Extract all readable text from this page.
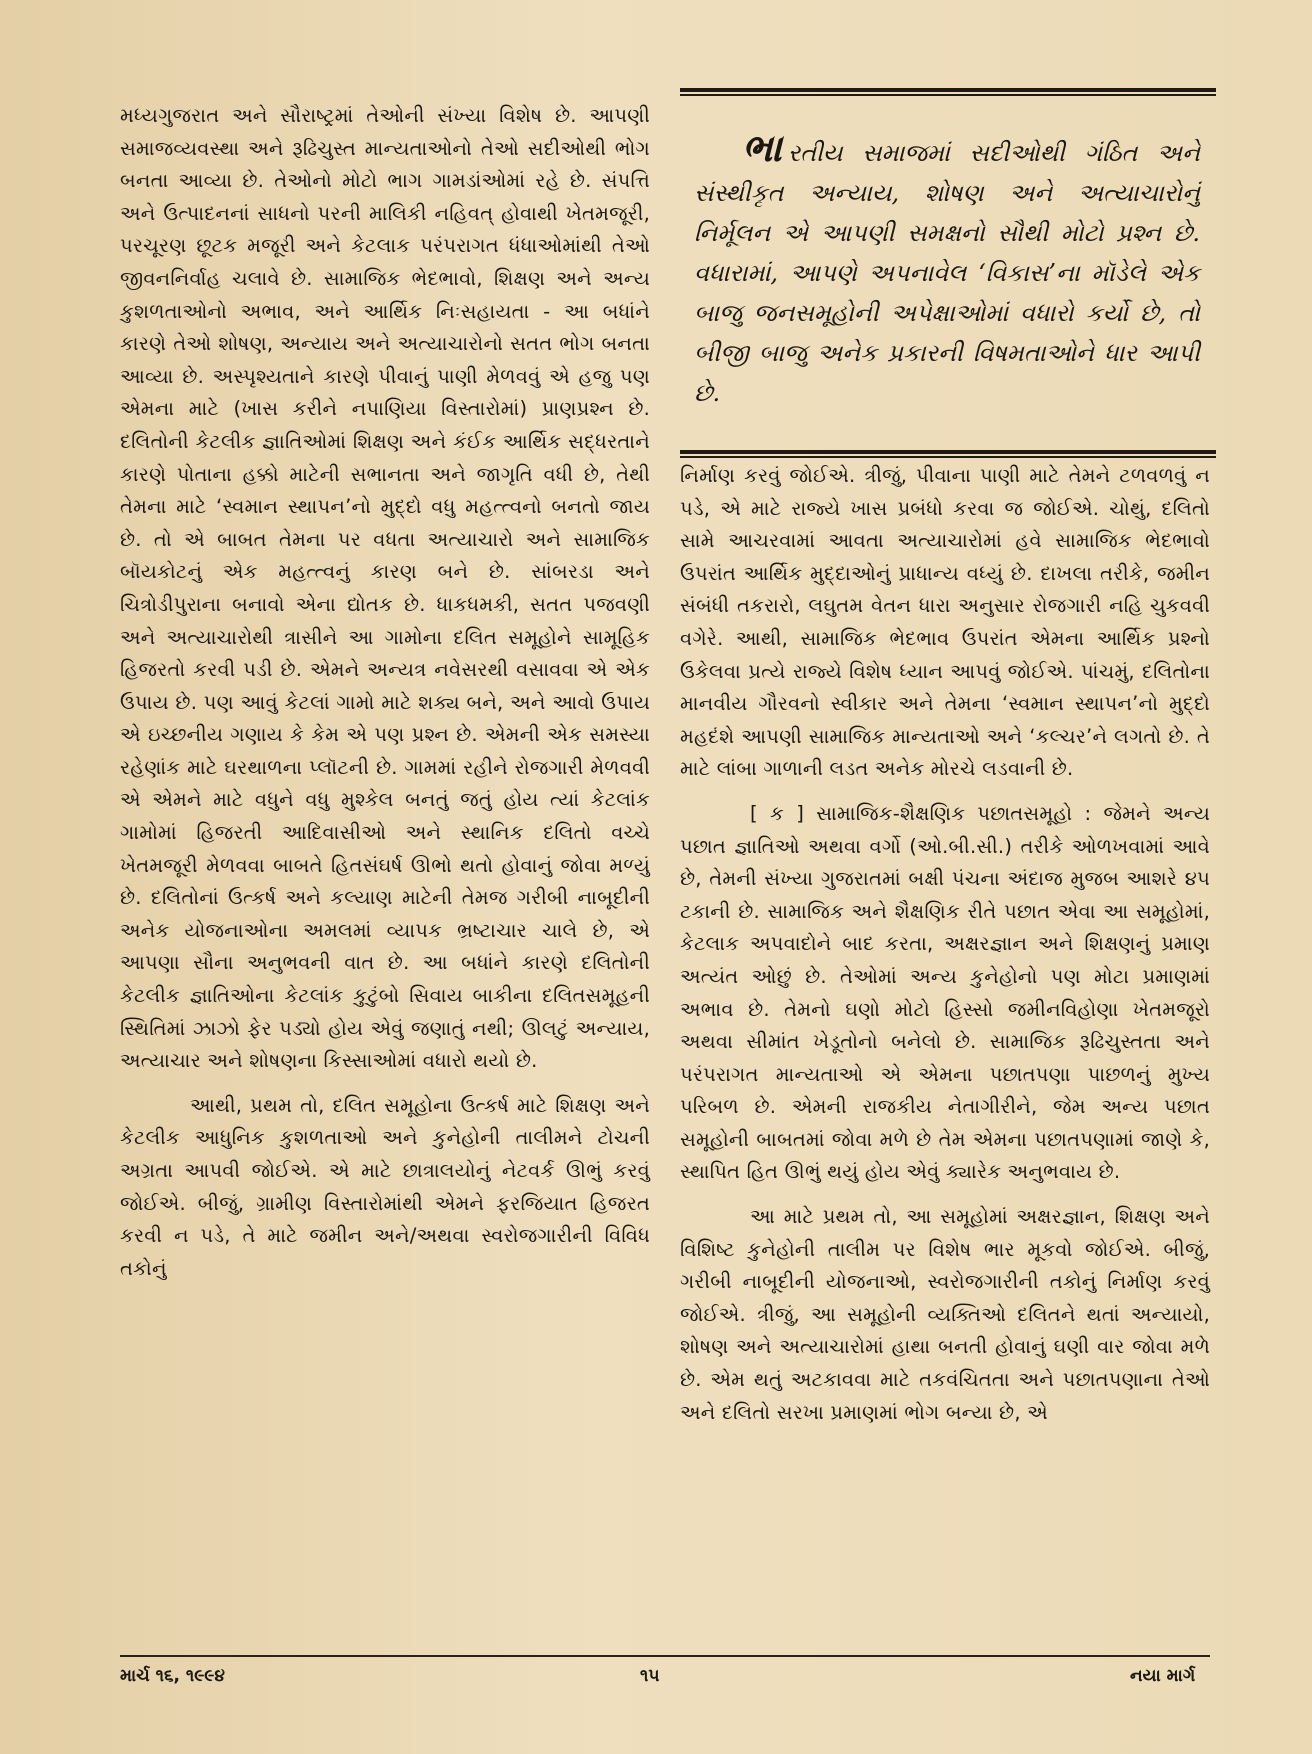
મધ્યગુજરાત અને સૌરાષ્ટ્રમાં તેઓની સંખ્યા વિશેષ છે. આપણી સમાજવ્યવસ્થા અને રૂઢિચુસ્ત માન્યતાઓનો તેઓ સદીઓથી ભોગ બનતા આવ્યા છે. તેઓનો મોટો ભાગ ગામડાંઓમાં રહે છે. સંપત્તિ અને ઉત્પાદનનાં સાધનો પરની માલિકી નહિવત્ હોવાથી ખેતમજૂરી, પરચૂરણ છૂટક મજૂરી અને કેટલાક પરંપરાગત ધંધાઓમાંથી તેઓ જીવનનિર્વાહ ચલાવે છે. સામાજિક ભેદભાવો, શિક્ષણ અને અન્ય કુશળતાઓનો અભાવ, અને આર્થિક નિઃસહાયતા - આ બધાંને કારણે તેઓ શોષણ, અન્યાય અને અત્યાચારોનો સતત ભોગ બનતા આવ્યા છે. અસ્પૃશ્યતાને કારણે પીવાનું પાણી મેળવવું એ હજુ પણ એમના માટે (ખાસ કરીને નપાણિયા વિસ્તારોમાં) પ્રાણપ્રશ્ન છે. દલિતોની કેટલીક જ્ઞાતિઓમાં શિક્ષણ અને કંઈક આર્થિક સદ્ધરતાને કારણે પોતાના હક્કો માટેની સભાનતા અને જાગૃતિ વધી છે, તેથી તેમના માટે ‘સ્વમાન સ્થાપન’નો મુદ્દો વધુ મહત્ત્વનો બનતો જાય છે. તો એ બાબત તેમના પર વધતા અત્યાચારો અને સામાજિક બૉયકોટનું એક મહત્ત્વનું કારણ બને છે. સાંબરડા અને ચિત્રોડીપુરાના બનાવો એના દ્યોતક છે. ધાકધમકી, સતત પજવણી અને અત્યાચારોથી ત્રાસીને આ ગામોના દલિત સમૂહોને સામૂહિક હિજરતો કરવી પડી છે. એમને અન્યત્ર નવેસરથી વસાવવા એ એક ઉપાય છે. પણ આવું કેટલાં ગામો માટે શક્ય બને, અને આવો ઉપાય એ ઇચ્છનીય ગણાય કે કેમ એ પણ પ્રશ્ન છે. એમની એક સમસ્યા રહેણાંક માટે ઘરથાળના પ્લૉટની છે. ગામમાં રહીને રોજગારી મેળવવી એ એમને માટે વધુને વધુ મુશ્કેલ બનતું જતું હોય ત્યાં કેટલાંક ગામોમાં હિજરતી આદિવાસીઓ અને સ્થાનિક દલિતો વચ્ચે ખેતમજૂરી મેળવવા બાબતે હિતસંઘર્ષ ઊભો થતો હોવાનું જોવા મળ્યું છે. દલિતોનાં ઉત્કર્ષ અને કલ્યાણ માટેની તેમજ ગરીબી નાબૂદીની અનેક યોજનાઓના અમલમાં વ્યાપક ભ્રષ્ટાચાર ચાલે છે, એ આપણા સૌના અનુભવની વાત છે. આ બધાંને કારણે દલિતોની કેટલીક જ્ઞાતિઓના કેટલાંક કુટુંબો સિવાય બાકીના દલિતસમૂહની સ્થિતિમાં ઝાઝો ફેર પડ્યો હોય એવું જણાતું નથી; ઊલટું અન્યાય, અત્યાચાર અને શોષણના કિસ્સાઓમાં વધારો થયો છે.

આથી, પ્રથમ તો, દલિત સમૂહોના ઉત્કર્ષ માટે શિક્ષણ અને કેટલીક આધુનિક કુશળતાઓ અને કુનેહોની તાલીમને ટોચની અગ્રતા આપવી જોઈએ. એ માટે છાત્રાલયોનું નેટવર્ક ઊભું કરવું જોઈએ. બીજું, ગ્રામીણ વિસ્તારોમાંથી એમને ફરજિયાત હિજરત કરવી ન પડે, તે માટે જમીન અને/અથવા સ્વરોજગારીની વિવિધ તકોનું

ભારતીય સમાજમાં સદીઓથી ગંઠિત અને સંસ્થીકૃત અન્યાય, શોષણ અને અત્યાચારોનું નિર્મૂલન એ આપણી સમક્ષનો સૌથી મોટો પ્રશ્ન છે. વધારામાં, આપણે અપનાવેલ ‘વિકાસ’ના મૉડેલે એક બાજુ જનસમૂહોની અપેક્ષાઓમાં વધારો કર્યો છે, તો બીજી બાજુ અનેક પ્રકારની વિષમતાઓને ધાર આપી છે.

નિર્માણ કરવું જોઈએ. ત્રીજું, પીવાના પાણી માટે તેમને ટળવળવું ન પડે, એ માટે રાજ્યે ખાસ પ્રબંધો કરવા જ જોઈએ. ચોથું, દલિતો સામે આચરવામાં આવતા અત્યાચારોમાં હવે સામાજિક ભેદભાવો ઉપરાંત આર્થિક મુદ્દાઓનું પ્રાધાન્ય વધ્યું છે. દાખલા તરીકે, જમીન સંબંધી તકરારો, લઘુતમ વેતન ધારા અનુસાર રોજગારી નહિ ચુકવવી વગેરે. આથી, સામાજિક ભેદભાવ ઉપરાંત એમના આર્થિક પ્રશ્નો ઉકેલવા પ્રત્યે રાજ્યે વિશેષ ધ્યાન આપવું જોઈએ. પાંચમું, દલિતોના માનવીય ગૌરવનો સ્વીકાર અને તેમના ‘સ્વમાન સ્થાપન’નો મુદ્દો મહદંશે આપણી સામાજિક માન્યતાઓ અને ‘કલ્ચર’ને લગતો છે. તે માટે લાંબા ગાળાની લડત અનેક મોરચે લડવાની છે.

[ ક ] સામાજિક-શૈક્ષણિક પછાતસમૂહો : જેમને અન્ય પછાત જ્ઞાતિઓ અથવા વર્ગો (ઓ.બી.સી.) તરીકે ઓળખવામાં આવે છે, તેમની સંખ્યા ગુજરાતમાં બક્ષી પંચના અંદાજ મુજબ આશરે ૪૫ ટકાની છે. સામાજિક અને શૈક્ષણિક રીતે પછાત એવા આ સમૂહોમાં, કેટલાક અપવાદોને બાદ કરતા, અક્ષરજ્ઞાન અને શિક્ષણનું પ્રમાણ અત્યંત ઓછું છે. તેઓમાં અન્ય કુનેહોનો પણ મોટા પ્રમાણમાં અભાવ છે. તેમનો ઘણો મોટો હિસ્સો જમીનવિહોણા ખેતમજૂરો અથવા સીમાંત ખેડૂતોનો બનેલો છે. સામાજિક રૂઢિચુસ્તતા અને પરંપરાગત માન્યતાઓ એ એમના પછાતપણા પાછળનું મુખ્ય પરિબળ છે. એમની રાજકીય નેતાગીરીને, જેમ અન્ય પછાત સમૂહોની બાબતમાં જોવા મળે છે તેમ એમના પછાતપણામાં જાણે કે, સ્થાપિત હિત ઊભું થયું હોય એવું ક્યારેક અનુભવાય છે.

આ માટે પ્રથમ તો, આ સમૂહોમાં અક્ષરજ્ઞાન, શિક્ષણ અને વિશિષ્ટ કુનેહોની તાલીમ પર વિશેષ ભાર મૂકવો જોઈએ. બીજું, ગરીબી નાબૂદીની યોજનાઓ, સ્વરોજગારીની તકોનું નિર્માણ કરવું જોઈએ. ત્રીજું, આ સમૂહોની વ્યક્તિઓ દલિતને થતાં અન્યાયો, શોષણ અને અત્યાચારોમાં હાથા બનતી હોવાનું ઘણી વાર જોવા મળે છે. એમ થતું અટકાવવા માટે તકવંચિતતા અને પછાતપણાના તેઓ અને દલિતો સરખા પ્રમાણમાં ભોગ બન્યા છે, એ

માર્ચ ૧૬, ૧૯૯૪	૧૫	નયા માર્ગ
